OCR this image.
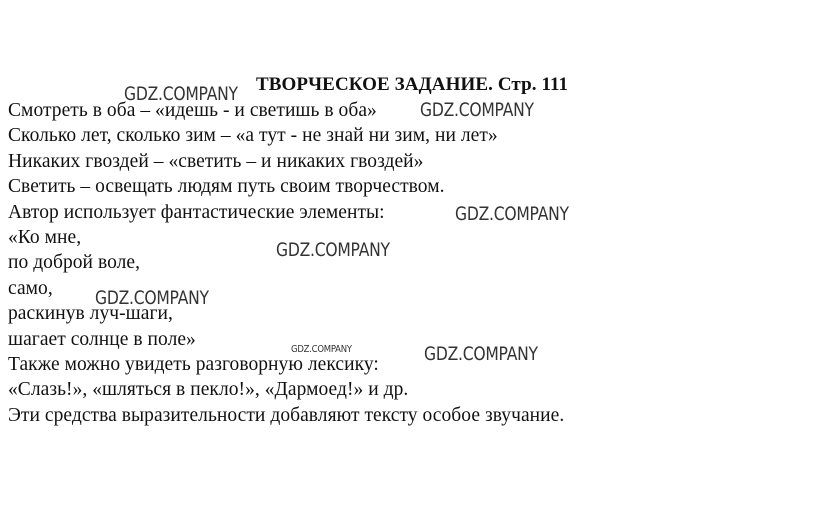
ТВОРЧЕСКОЕ ЗАДАНИЕ. Стр. 111
Смотреть в оба – «идешь - и светишь в оба»
Сколько лет, сколько зим – «а тут - не знай ни зим, ни лет»
Никаких гвоздей – «светить – и никаких гвоздей»
Светить – освещать людям путь своим творчеством.
Автор использует фантастические элементы:
«Ко мне,
по доброй воле,
само,
раскинув луч-шаги,
шагает солнце в поле»
Также можно увидеть разговорную лексику:
«Слазь!», «шляться в пекло!», «Дармоед!» и др.
Эти средства выразительности добавляют тексту особое звучание.
GDZ.COMPANY
GDZ.COMPANY
GDZ.COMPANY
GDZ.COMPANY
GDZ.COMPANY
GDZ.COMPANY	GDZ.COMPANY
